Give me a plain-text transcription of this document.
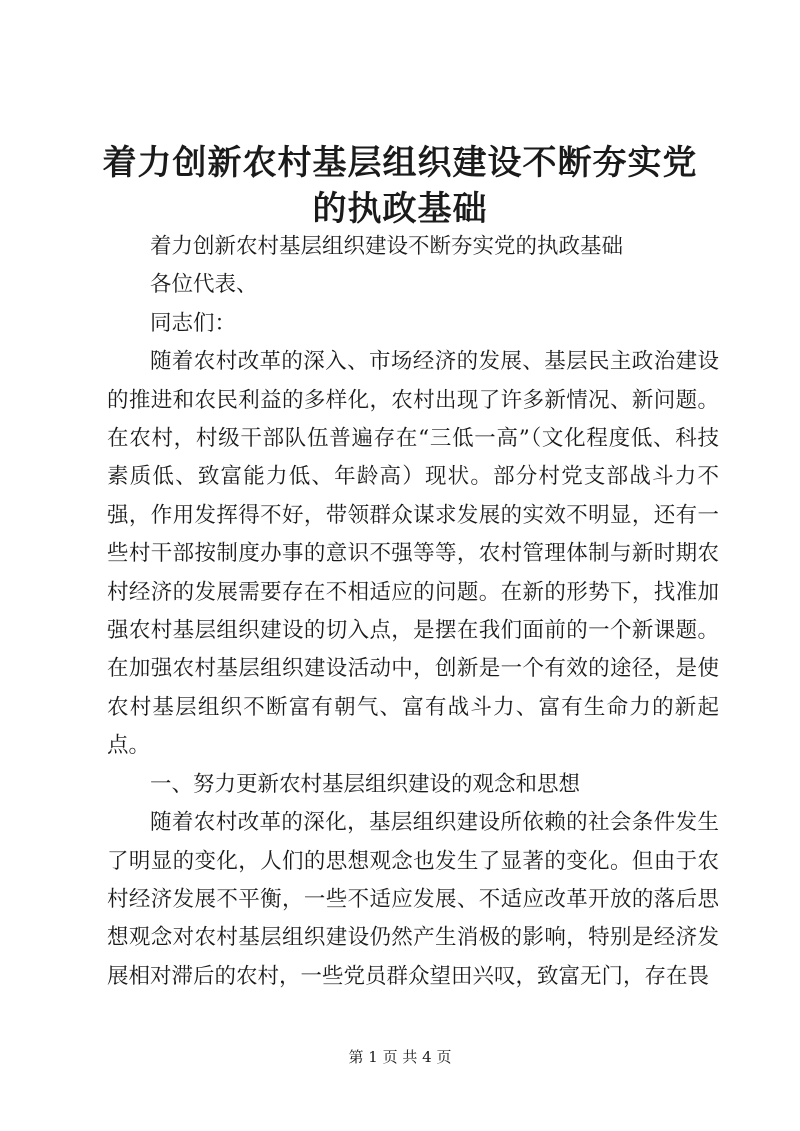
着力创新农村基层组织建设不断夯实党的执政基础

着力创新农村基层组织建设不断夯实党的执政基础

各位代表、

同志们：

随着农村改革的深入、市场经济的发展、基层民主政治建设的推进和农民利益的多样化，农村出现了许多新情况、新问题。在农村，村级干部队伍普遍存在“三低一高”（文化程度低、科技素质低、致富能力低、年龄高）现状。部分村党支部战斗力不强，作用发挥得不好，带领群众谋求发展的实效不明显，还有一些村干部按制度办事的意识不强等等，农村管理体制与新时期农村经济的发展需要存在不相适应的问题。在新的形势下，找准加强农村基层组织建设的切入点，是摆在我们面前的一个新课题。在加强农村基层组织建设活动中，创新是一个有效的途径，是使农村基层组织不断富有朝气、富有战斗力、富有生命力的新起点。

一、努力更新农村基层组织建设的观念和思想

随着农村改革的深化，基层组织建设所依赖的社会条件发生了明显的变化，人们的思想观念也发生了显著的变化。但由于农村经济发展不平衡，一些不适应发展、不适应改革开放的落后思想观念对农村基层组织建设仍然产生消极的影响，特别是经济发展相对滞后的农村，一些党员群众望田兴叹，致富无门，存在畏

第 1 页 共 4 页
